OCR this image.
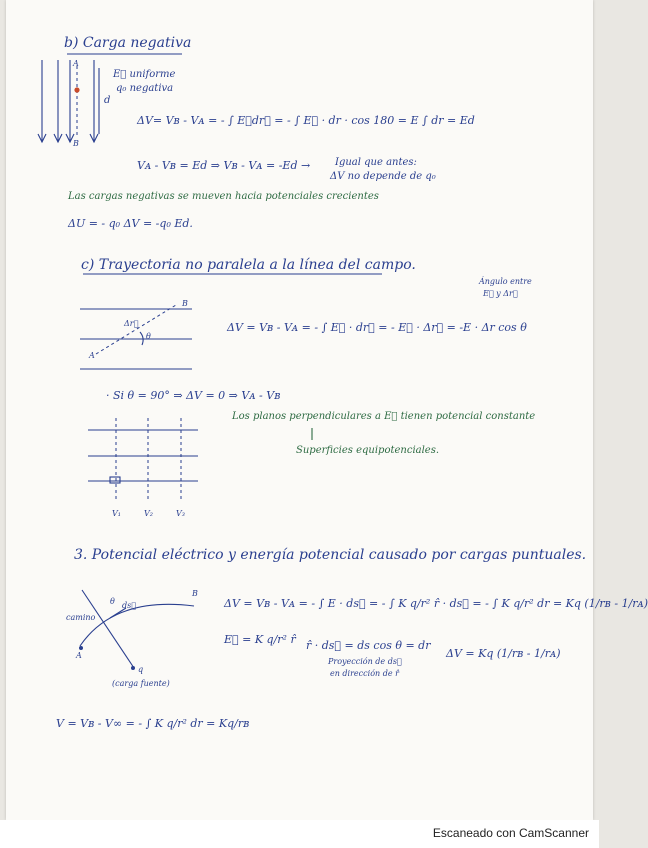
b) Carga negativa
A
B
d
E⃗ uniforme
q₀ negativa
ΔV= Vʙ - Vᴀ = - ∫ E⃗dr⃗ = - ∫ E⃗ · dr · cos 180 = E ∫ dr = Ed
Vᴀ - Vʙ = Ed ⇒ Vʙ - Vᴀ = -Ed → Igual que antes:
ΔV no depende de q₀
Las cargas negativas se mueven hacia potenciales crecientes
ΔU = - q₀ ΔV = -q₀ Ed.
c) Trayectoria no paralela a la línea del campo.
Ángulo entre
E⃗ y Δr⃗
B
Δr⃗
θ
A
ΔV = Vʙ - Vᴀ = - ∫ E⃗ · dr⃗ = - E⃗ · Δr⃗ = -E · Δr cos θ
· Si θ = 90° ⇒ ΔV = 0 ⇒ Vᴀ - Vʙ
Los planos perpendiculares a E⃗ tienen potencial constante
Superficies equipotenciales.
V₁	V₂	V₃
3. Potencial eléctrico y energía potencial causado por cargas puntuales.
B
θ ds⃗
camino
A
q
(carga fuente)
ΔV = Vʙ - Vᴀ = - ∫ E · ds⃗ = - ∫ K q/r² r̂ · ds⃗ = - ∫ K q/r² dr = Kq (1/rʙ - 1/rᴀ)
E⃗ = K q/r² r̂ r̂ · ds⃗ = ds cos θ = dr
Proyección de ds⃗
en dirección de r̂
ΔV = Kq (1/rʙ - 1/rᴀ)
V = Vʙ - V∞ = - ∫ K q/r² dr = Kq/rʙ
Escaneado con CamScanner
